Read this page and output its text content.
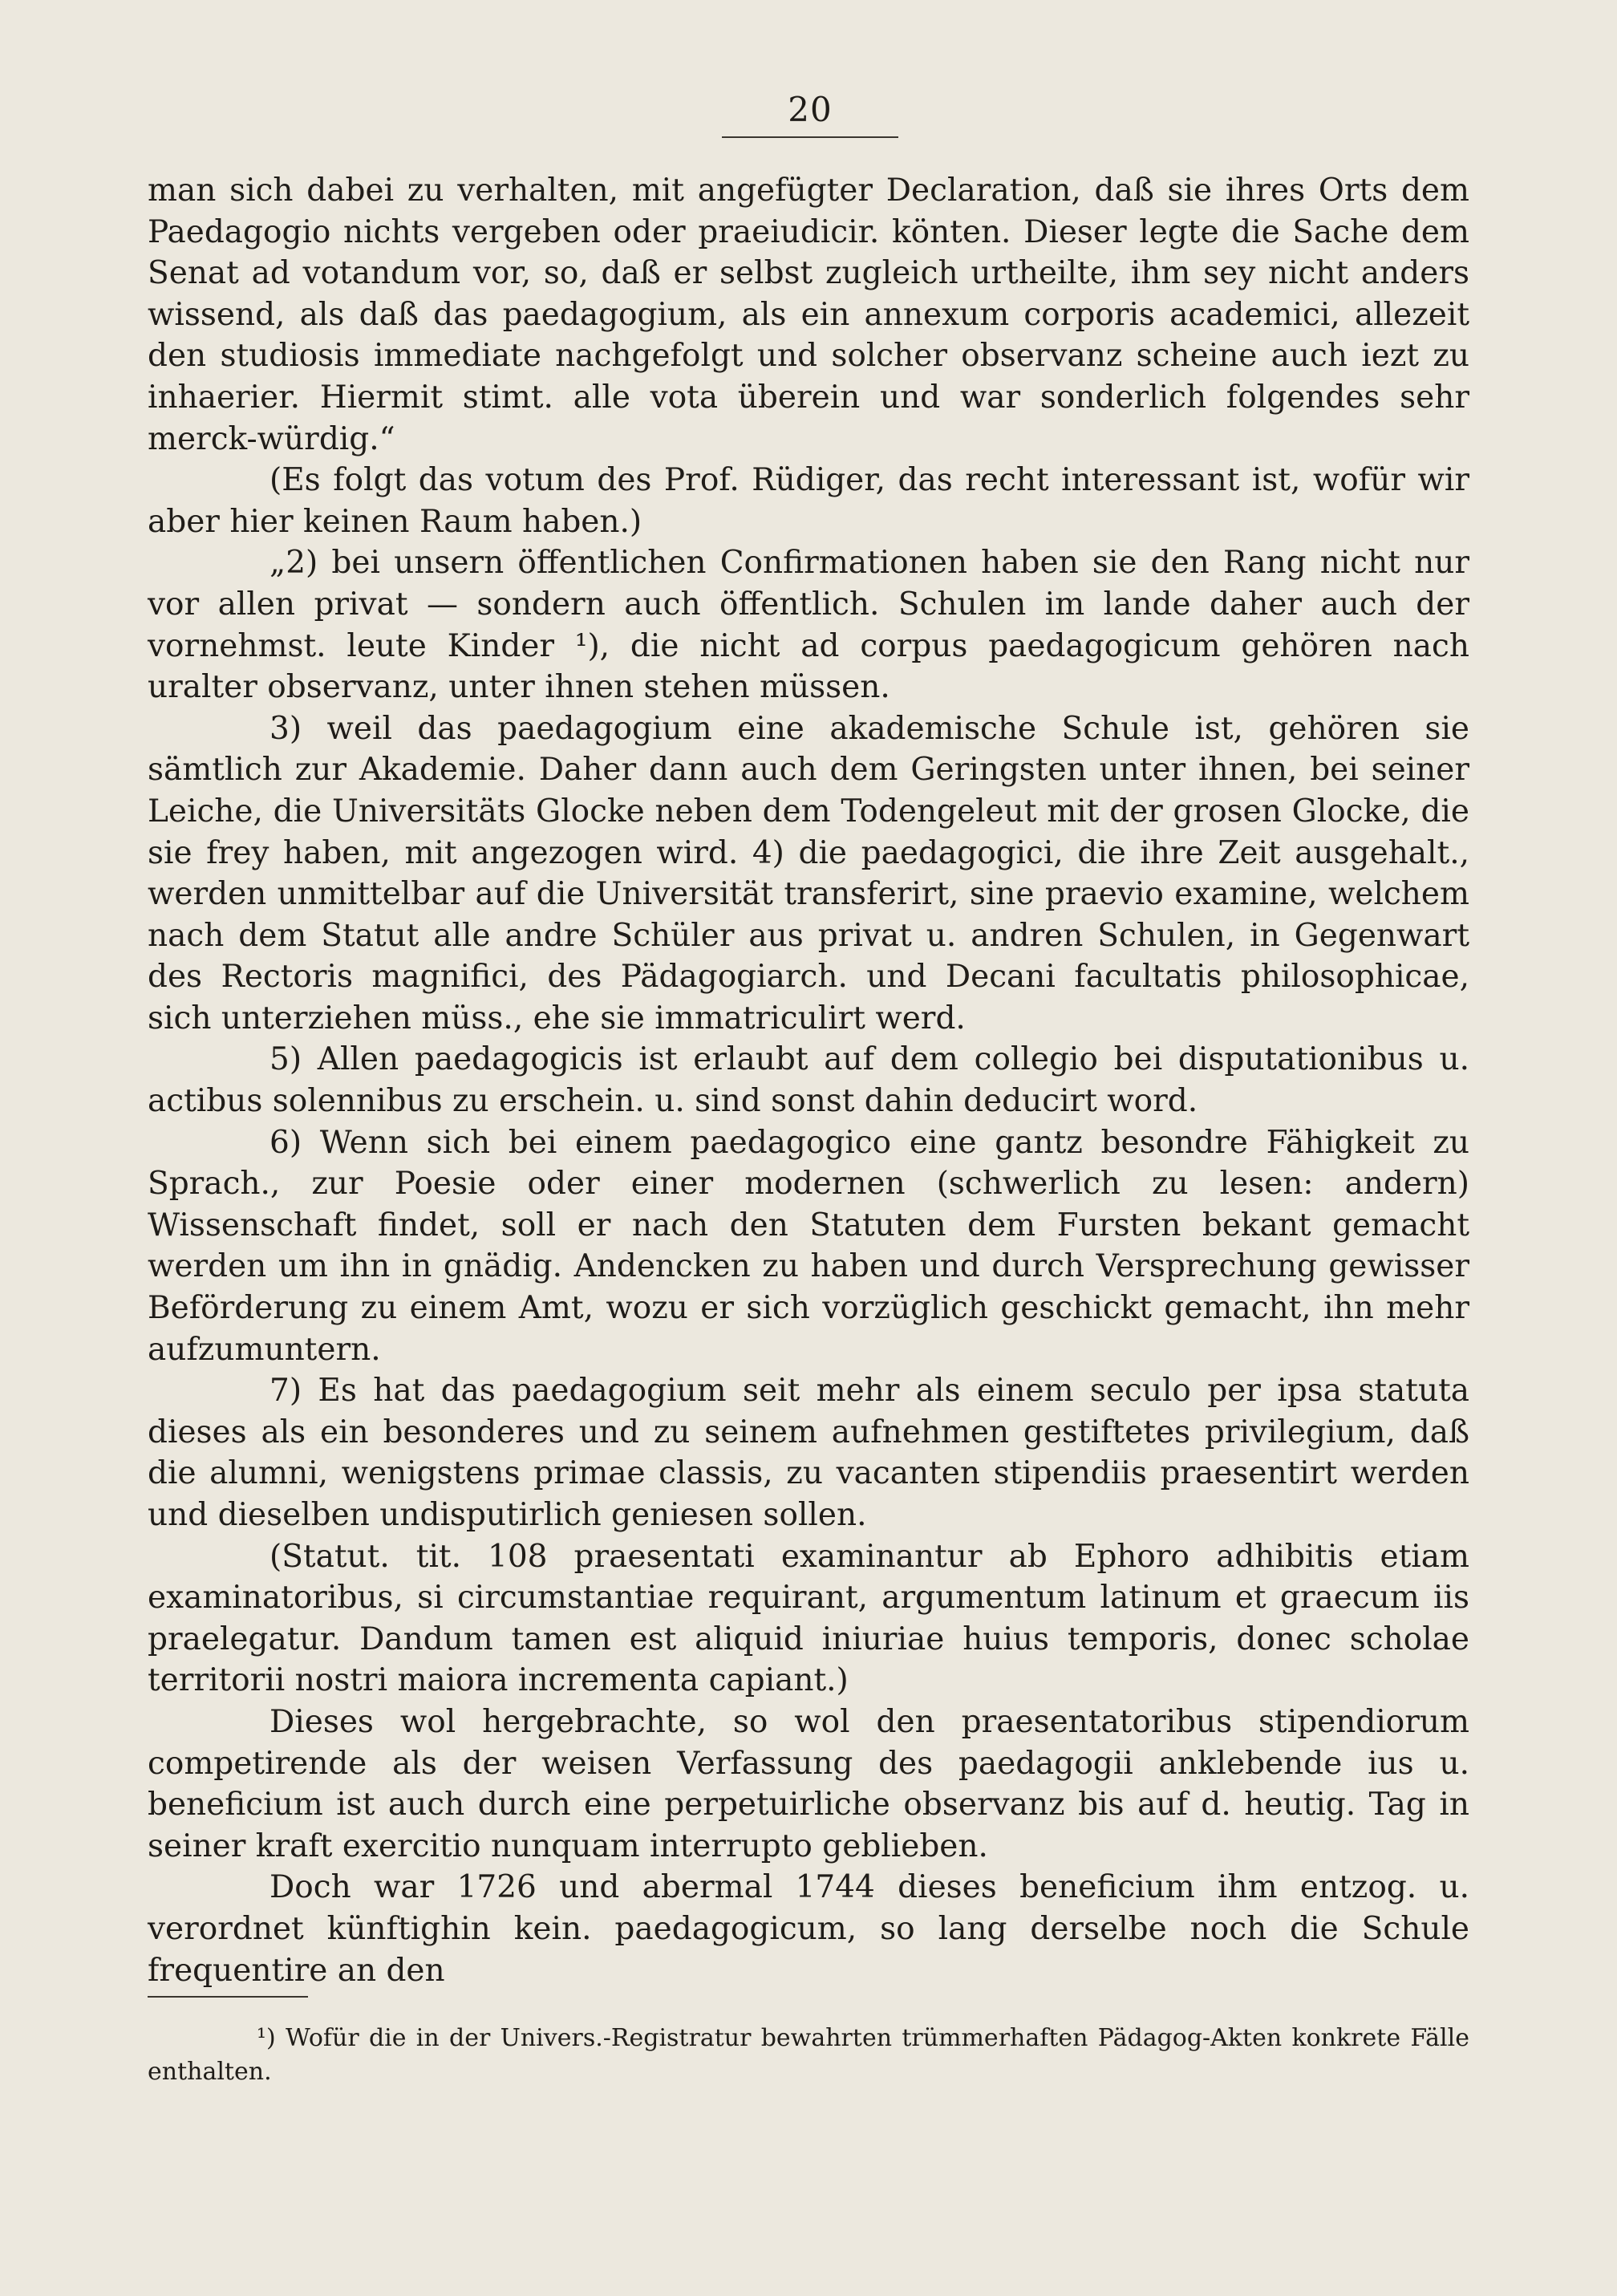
20

man sich dabei zu verhalten, mit angefügter Declaration, daß sie ihres Orts dem Paedagogio nichts vergeben oder praeiudicir. könten. Dieser legte die Sache dem Senat ad votandum vor, so, daß er selbst zugleich urtheilte, ihm sey nicht anders wissend, als daß das paedagogium, als ein annexum corporis academici, allezeit den studiosis immediate nachgefolgt und solcher observanz scheine auch iezt zu inhaerier. Hiermit stimt. alle vota überein und war sonderlich folgendes sehr merck-würdig.“

(Es folgt das votum des Prof. Rüdiger, das recht interessant ist, wofür wir aber hier keinen Raum haben.)

„2) bei unsern öffentlichen Confirmationen haben sie den Rang nicht nur vor allen privat — sondern auch öffentlich. Schulen im lande daher auch der vornehmst. leute Kinder ¹), die nicht ad corpus paedagogicum gehören nach uralter observanz, unter ihnen stehen müssen.

3) weil das paedagogium eine akademische Schule ist, gehören sie sämtlich zur Akademie. Daher dann auch dem Geringsten unter ihnen, bei seiner Leiche, die Universitäts Glocke neben dem Todengeleut mit der grosen Glocke, die sie frey haben, mit angezogen wird. 4) die paedagogici, die ihre Zeit ausgehalt., werden unmittelbar auf die Universität transferirt, sine praevio examine, welchem nach dem Statut alle andre Schüler aus privat u. andren Schulen, in Gegenwart des Rectoris magnifici, des Pädagogiarch. und Decani facultatis philosophicae, sich unterziehen müss., ehe sie immatriculirt werd.

5) Allen paedagogicis ist erlaubt auf dem collegio bei disputationibus u. actibus solennibus zu erschein. u. sind sonst dahin deducirt word.

6) Wenn sich bei einem paedagogico eine gantz besondre Fähigkeit zu Sprach., zur Poesie oder einer modernen (schwerlich zu lesen: andern) Wissenschaft findet, soll er nach den Statuten dem Fursten bekant gemacht werden um ihn in gnädig. Andencken zu haben und durch Versprechung gewisser Beförderung zu einem Amt, wozu er sich vorzüglich geschickt gemacht, ihn mehr aufzumuntern.

7) Es hat das paedagogium seit mehr als einem seculo per ipsa statuta dieses als ein besonderes und zu seinem aufnehmen gestiftetes privilegium, daß die alumni, wenigstens primae classis, zu vacanten stipendiis praesentirt werden und dieselben undisputirlich geniesen sollen.

(Statut. tit. 108 praesentati examinantur ab Ephoro adhibitis etiam examinatoribus, si circumstantiae requirant, argumentum latinum et graecum iis praelegatur. Dandum tamen est aliquid iniuriae huius temporis, donec scholae territorii nostri maiora incrementa capiant.)

Dieses wol hergebrachte, so wol den praesentatoribus stipendiorum competirende als der weisen Verfassung des paedagogii anklebende ius u. beneficium ist auch durch eine perpetuirliche observanz bis auf d. heutig. Tag in seiner kraft exercitio nunquam interrupto geblieben.

Doch war 1726 und abermal 1744 dieses beneficium ihm entzog. u. verordnet künftighin kein. paedagogicum, so lang derselbe noch die Schule frequentire an den

¹) Wofür die in der Univers.-Registratur bewahrten trümmerhaften Pädagog-Akten konkrete Fälle enthalten.
